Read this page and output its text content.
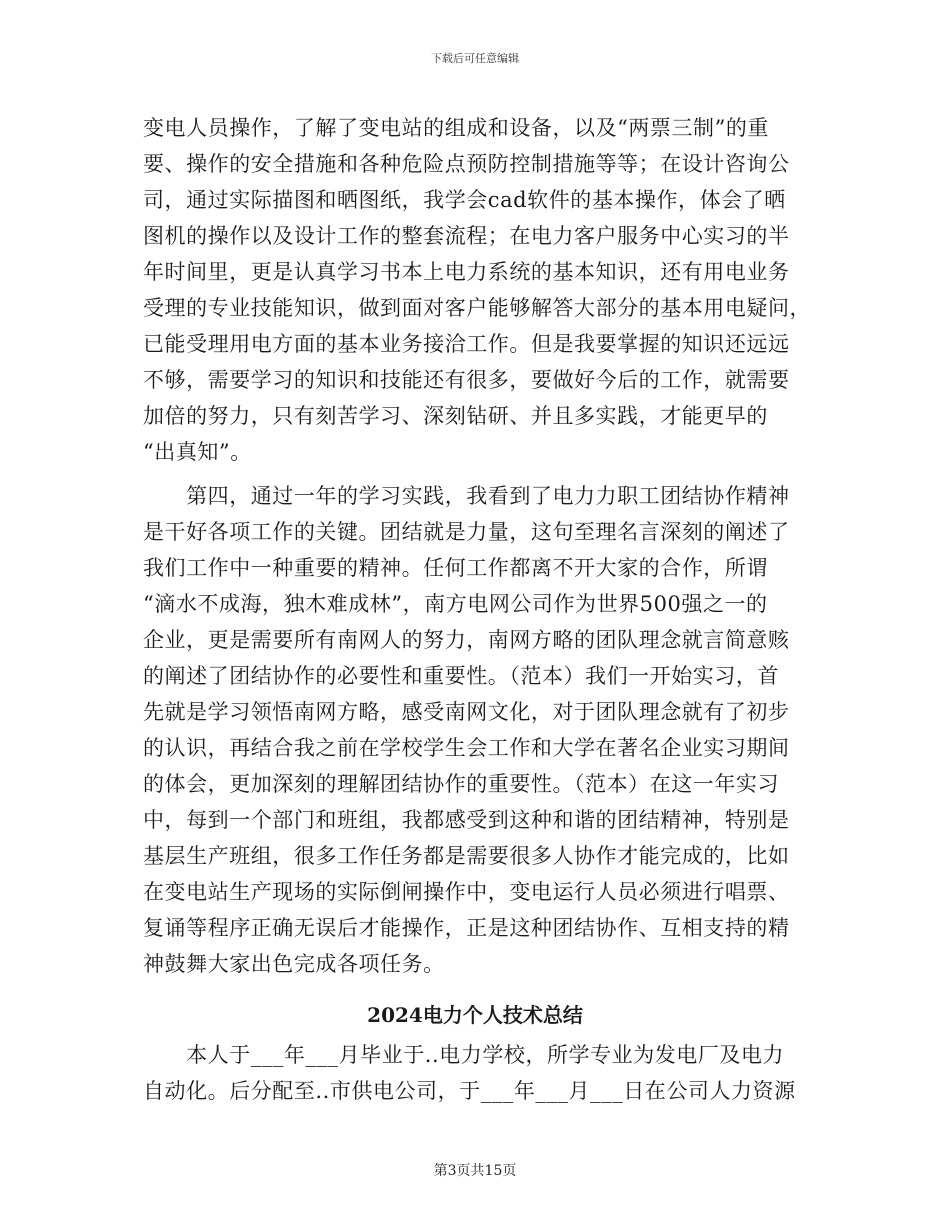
下载后可任意编辑
变电人员操作，了解了变电站的组成和设备，以及“两票三制”的重
要、操作的安全措施和各种危险点预防控制措施等等；在设计咨询公
司，通过实际描图和晒图纸，我学会cad软件的基本操作，体会了晒
图机的操作以及设计工作的整套流程；在电力客户服务中心实习的半
年时间里，更是认真学习书本上电力系统的基本知识，还有用电业务
受理的专业技能知识，做到面对客户能够解答大部分的基本用电疑问，
已能受理用电方面的基本业务接洽工作。但是我要掌握的知识还远远
不够，需要学习的知识和技能还有很多，要做好今后的工作，就需要
加倍的努力，只有刻苦学习、深刻钻研、并且多实践，才能更早的
“出真知”。
　　第四，通过一年的学习实践，我看到了电力力职工团结协作精神
是干好各项工作的关键。团结就是力量，这句至理名言深刻的阐述了
我们工作中一种重要的精神。任何工作都离不开大家的合作，所谓
“滴水不成海，独木难成林”，南方电网公司作为世界500强之一的
企业，更是需要所有南网人的努力，南网方略的团队理念就言简意赅
的阐述了团结协作的必要性和重要性。（范本）我们一开始实习，首
先就是学习领悟南网方略，感受南网文化，对于团队理念就有了初步
的认识，再结合我之前在学校学生会工作和大学在著名企业实习期间
的体会，更加深刻的理解团结协作的重要性。（范本）在这一年实习
中，每到一个部门和班组，我都感受到这种和谐的团结精神，特别是
基层生产班组，很多工作任务都是需要很多人协作才能完成的，比如
在变电站生产现场的实际倒闸操作中，变电运行人员必须进行唱票、
复诵等程序正确无误后才能操作，正是这种团结协作、互相支持的精
神鼓舞大家出色完成各项任务。
2024电力个人技术总结
　　本人于___年___月毕业于..电力学校，所学专业为发电厂及电力
自动化。后分配至..市供电公司，于___年___月___日在公司人力资源
第3页共15页
